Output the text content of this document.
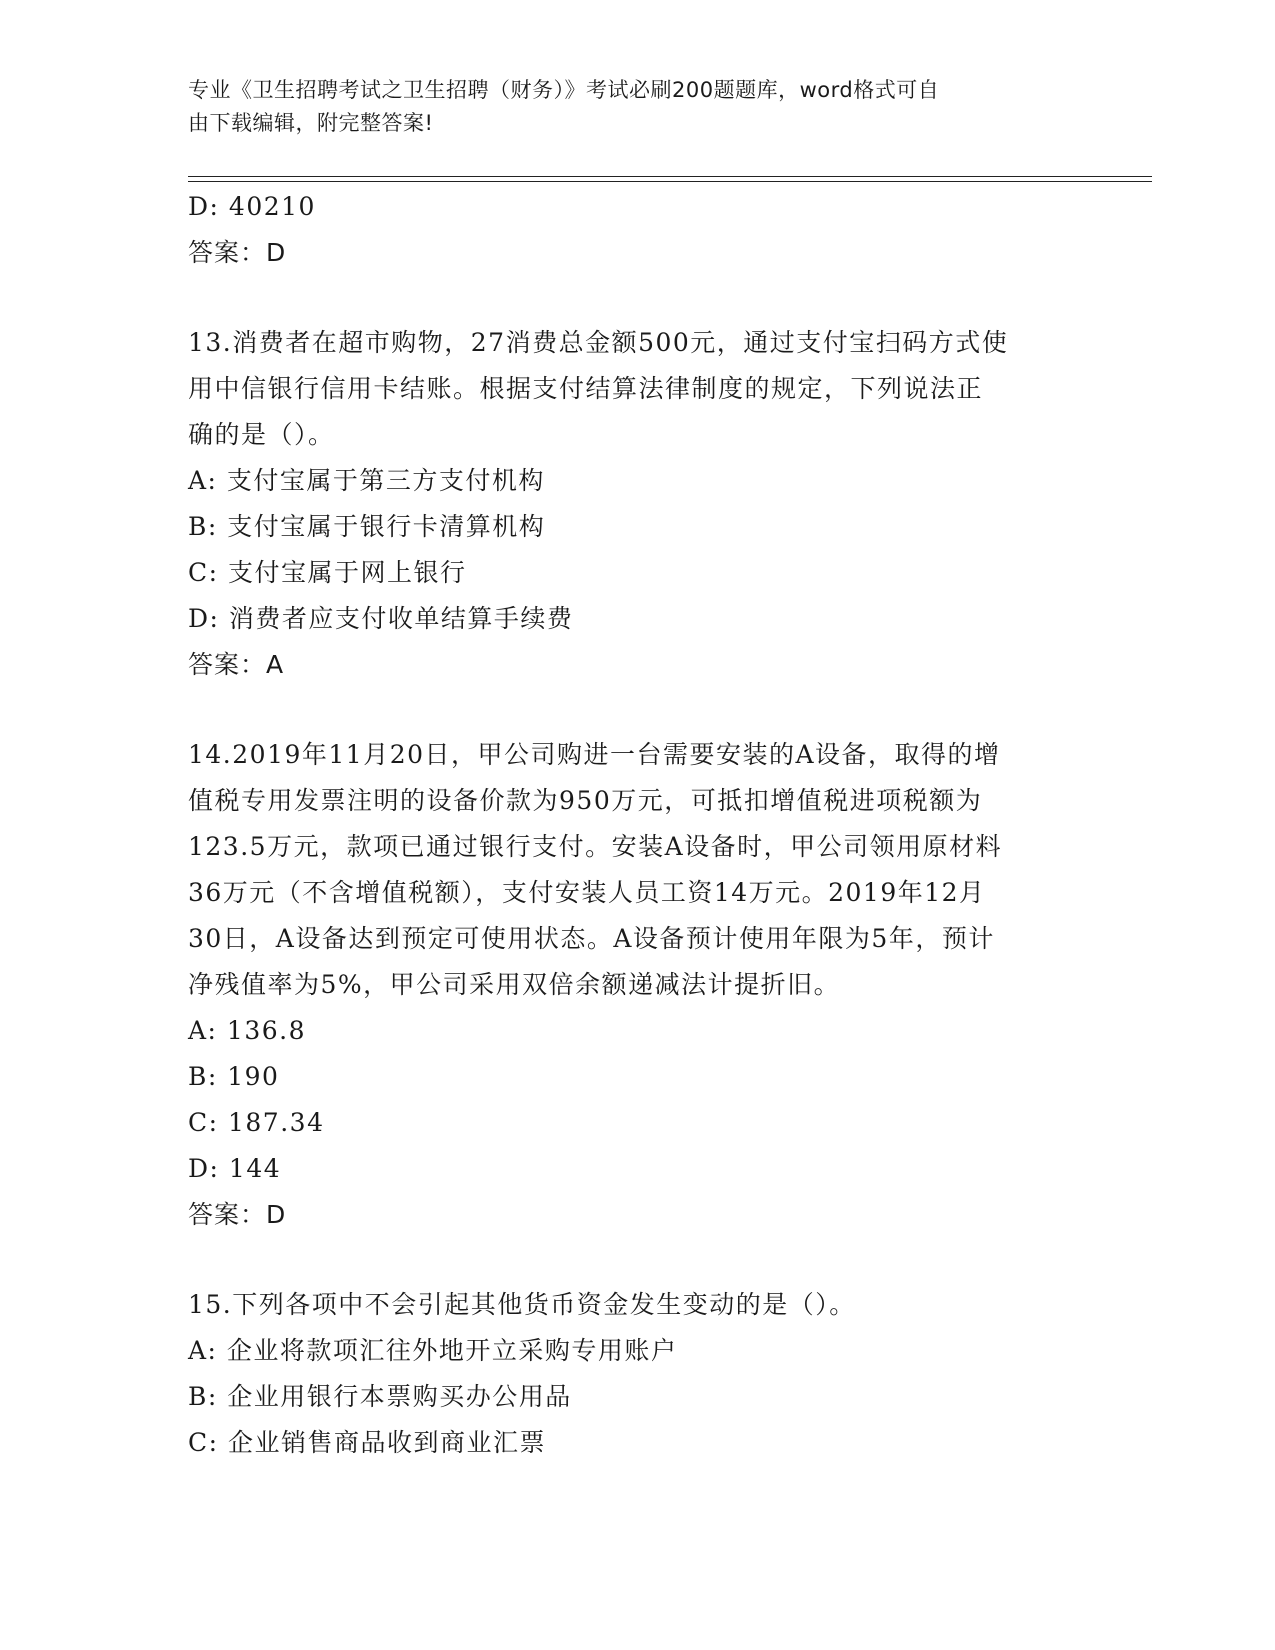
专业《卫生招聘考试之卫生招聘（财务）》考试必刷200题题库，word格式可自
由下载编辑，附完整答案!
D: 40210
答案：D
13.消费者在超市购物，27消费总金额500元，通过支付宝扫码方式使
用中信银行信用卡结账。根据支付结算法律制度的规定，下列说法正
确的是（）。
A: 支付宝属于第三方支付机构
B: 支付宝属于银行卡清算机构
C: 支付宝属于网上银行
D: 消费者应支付收单结算手续费
答案：A
14.2019年11月20日，甲公司购进一台需要安装的A设备，取得的增
值税专用发票注明的设备价款为950万元，可抵扣增值税进项税额为
123.5万元，款项已通过银行支付。安装A设备时，甲公司领用原材料
36万元（不含增值税额），支付安装人员工资14万元。2019年12月
30日，A设备达到预定可使用状态。A设备预计使用年限为5年，预计
净残值率为5%，甲公司采用双倍余额递减法计提折旧。
A: 136.8
B: 190
C: 187.34
D: 144
答案：D
15.下列各项中不会引起其他货币资金发生变动的是（）。
A: 企业将款项汇往外地开立采购专用账户
B: 企业用银行本票购买办公用品
C: 企业销售商品收到商业汇票
